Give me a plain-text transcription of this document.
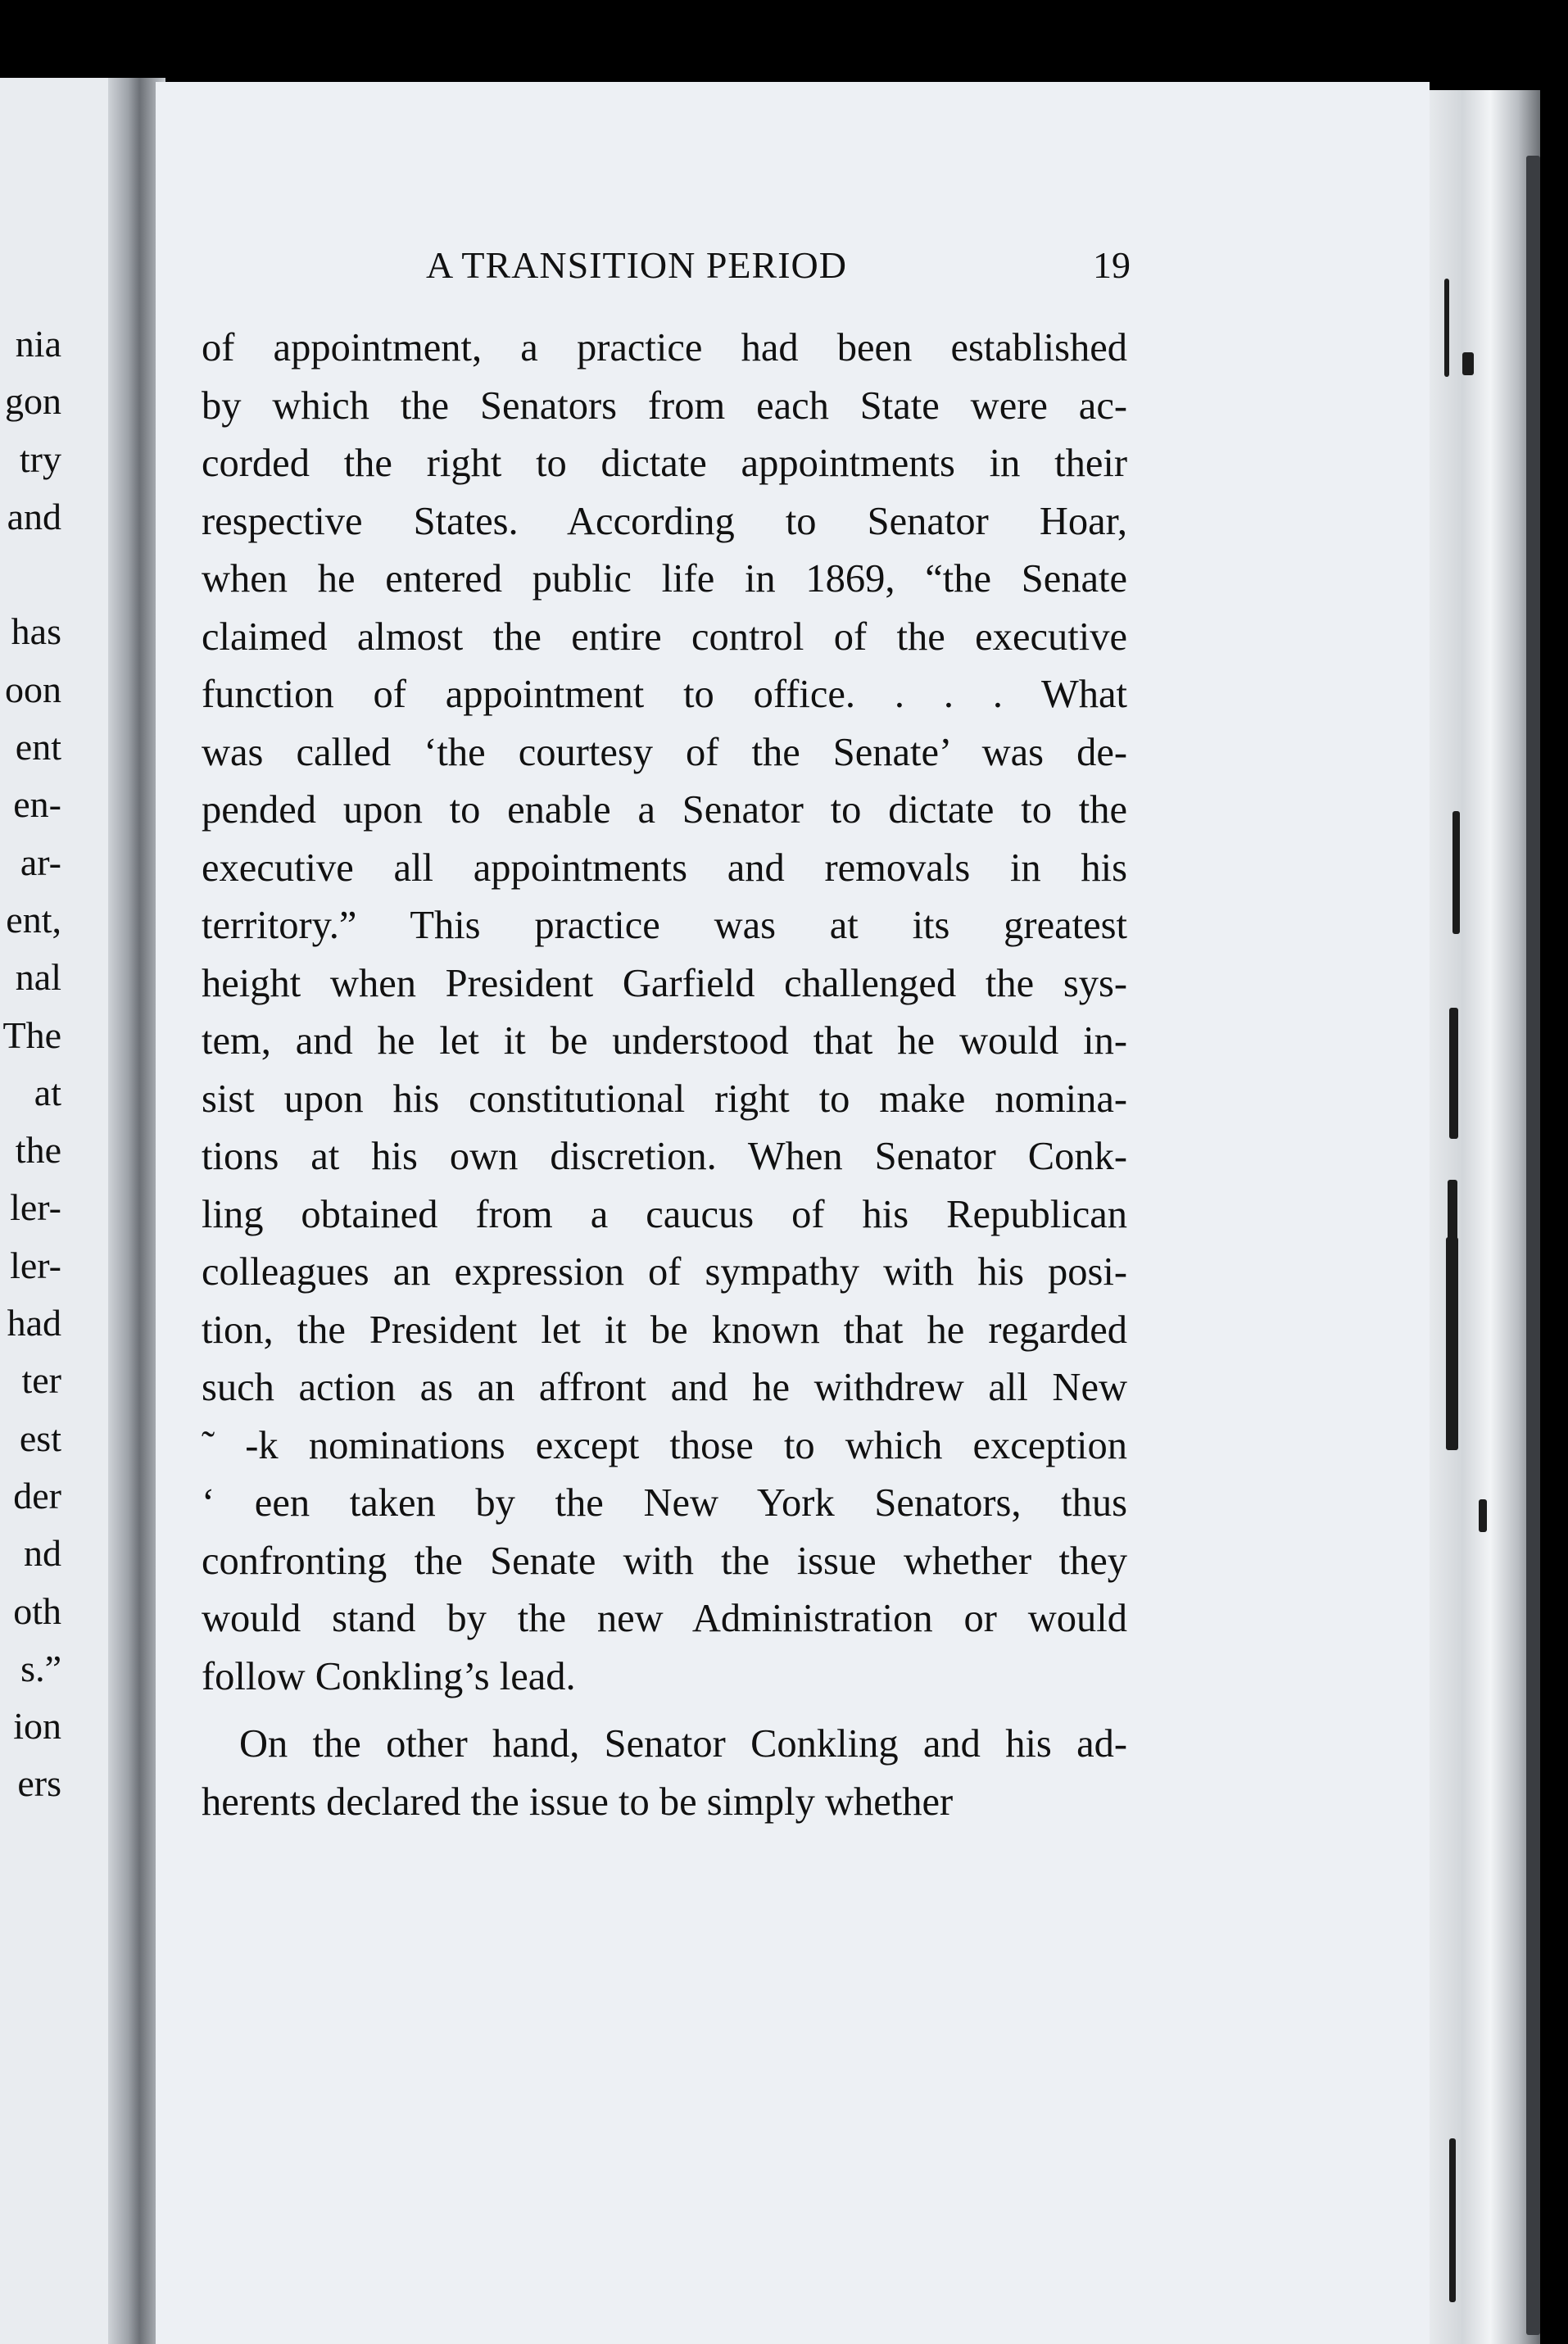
nia
gon
try
and
has
oon
ent
en-
ar-
ent,
nal
The
at
the
ler-
ler-
had
ter
est
der
nd
oth
s.”
ion
ers
A TRANSITION PERIOD	19
of appointment, a practice had been established
by which the Senators from each State were ac-
corded the right to dictate appointments in their
respective States. According to Senator Hoar,
when he entered public life in 1869, “the Senate
claimed almost the entire control of the executive
function of appointment to office. . . . What
was called ‘the courtesy of the Senate’ was de-
pended upon to enable a Senator to dictate to the
executive all appointments and removals in his
territory.” This practice was at its greatest
height when President Garfield challenged the sys-
tem, and he let it be understood that he would in-
sist upon his constitutional right to make nomina-
tions at his own discretion. When Senator Conk-
ling obtained from a caucus of his Republican
colleagues an expression of sympathy with his posi-
tion, the President let it be known that he regarded
such action as an affront and he withdrew all New
˜ ‑k nominations except those to which exception
‘ een taken by the New York Senators, thus
confronting the Senate with the issue whether they
would stand by the new Administration or would
follow Conkling’s lead.
On the other hand, Senator Conkling and his ad-
herents declared the issue to be simply whether
